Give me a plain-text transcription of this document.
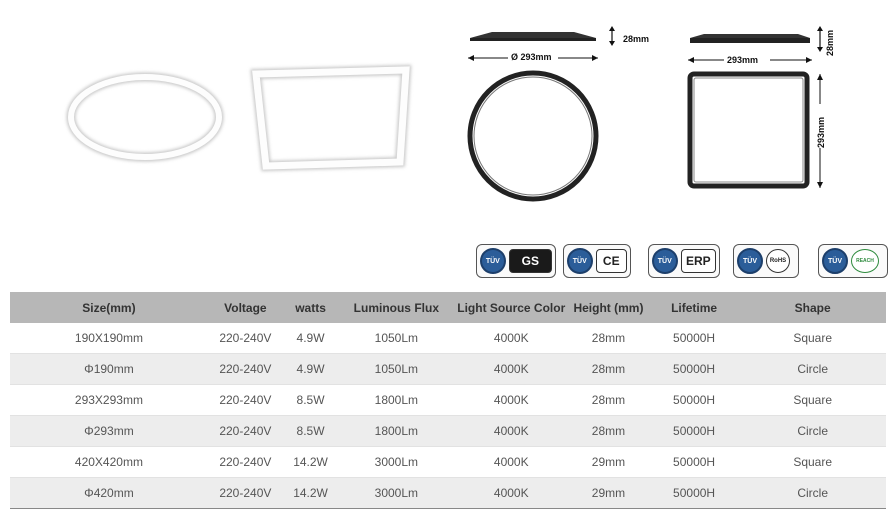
28mm
Ø 293mm
28mm
293mm
293mm
TÜV	GS	TÜV	CE	TÜV	ERP	TÜV	RoHS	TÜV	REACH
Size(mm)	Voltage	watts	Luminous Flux	Light Source Color	Height (mm)	Lifetime	Shape
190X190mm	220-240V	4.9W	1050Lm	4000K	28mm	50000H	Square
Φ190mm	220-240V	4.9W	1050Lm	4000K	28mm	50000H	Circle
293X293mm	220-240V	8.5W	1800Lm	4000K	28mm	50000H	Square
Φ293mm	220-240V	8.5W	1800Lm	4000K	28mm	50000H	Circle
420X420mm	220-240V	14.2W	3000Lm	4000K	29mm	50000H	Square
Φ420mm	220-240V	14.2W	3000Lm	4000K	29mm	50000H	Circle
